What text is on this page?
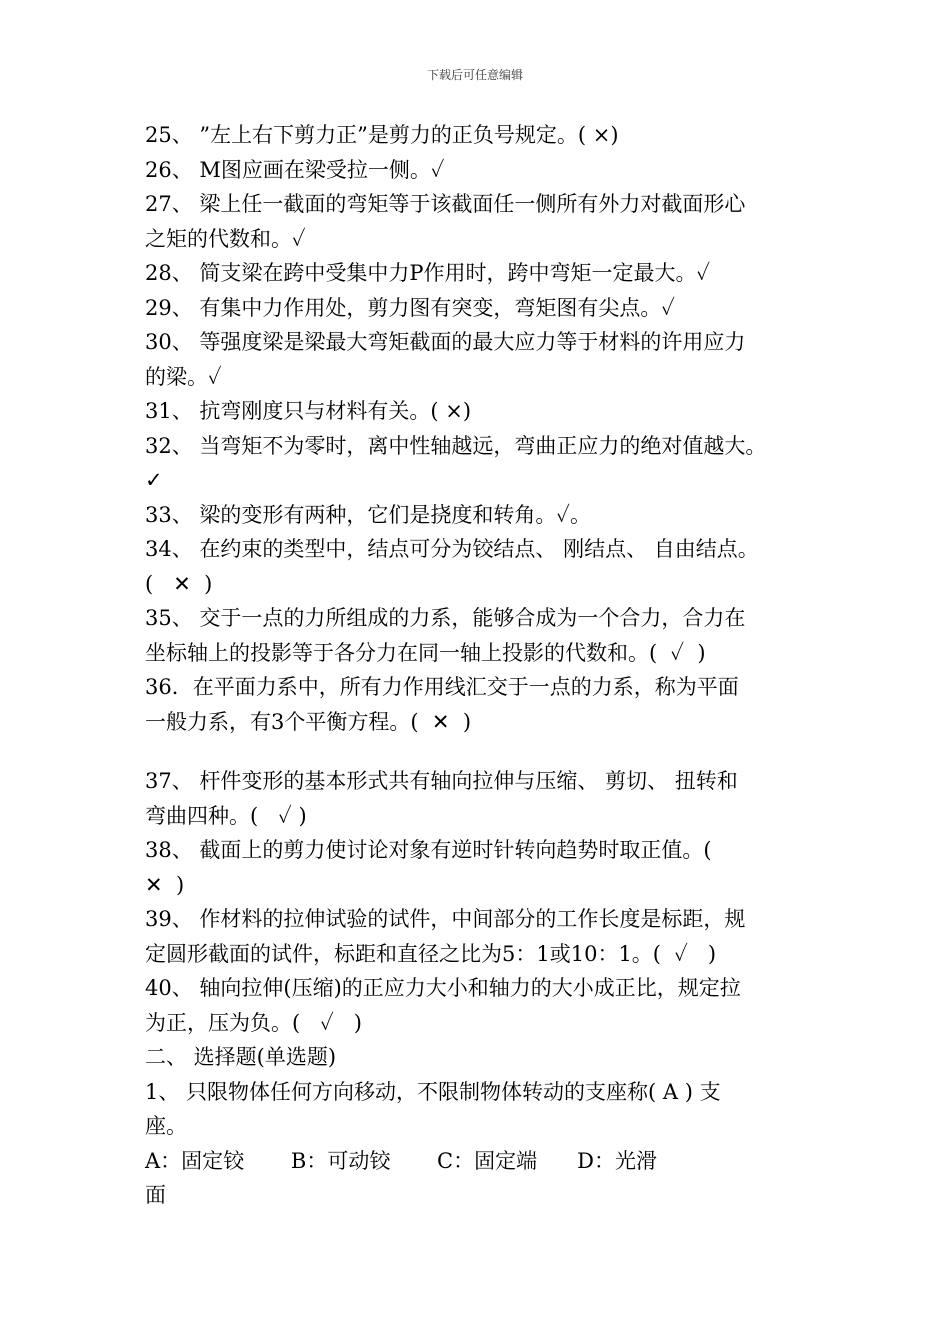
下载后可任意编辑
25、 ”左上右下剪力正”是剪力的正负号规定。( ×)
26、 M图应画在梁受拉一侧。✓
27、 梁上任一截面的弯矩等于该截面任一侧所有外力对截面形心
之矩的代数和。✓
28、 简支梁在跨中受集中力P作用时，跨中弯矩一定最大。✓
29、 有集中力作用处，剪力图有突变，弯矩图有尖点。✓
30、 等强度梁是梁最大弯矩截面的最大应力等于材料的许用应力
的梁。✓
31、 抗弯刚度只与材料有关。( ×)
32、 当弯矩不为零时，离中性轴越远，弯曲正应力的绝对值越大。
✓
33、 梁的变形有两种，它们是挠度和转角。✓。
34、 在约束的类型中，结点可分为铰结点、 刚结点、 自由结点。
(   ✕  )
35、 交于一点的力所组成的力系，能够合成为一个合力，合力在
坐标轴上的投影等于各分力在同一轴上投影的代数和。(  ✓  )
36．在平面力系中，所有力作用线汇交于一点的力系，称为平面
一般力系，有3个平衡方程。(  ✕  )
37、 杆件变形的基本形式共有轴向拉伸与压缩、 剪切、 扭转和
弯曲四种。(   ✓ )
38、 截面上的剪力使讨论对象有逆时针转向趋势时取正值。(
✕  )
39、 作材料的拉伸试验的试件，中间部分的工作长度是标距，规
定圆形截面的试件，标距和直径之比为5：1或10：1。(  ✓   )
40、 轴向拉伸(压缩)的正应力大小和轴力的大小成正比，规定拉
为正，压为负。(   ✓   )
二、 选择题(单选题)
1、 只限物体任何方向移动，不限制物体转动的支座称( A ) 支
座。
A：固定铰       B：可动铰       C：固定端      D：光滑
面
